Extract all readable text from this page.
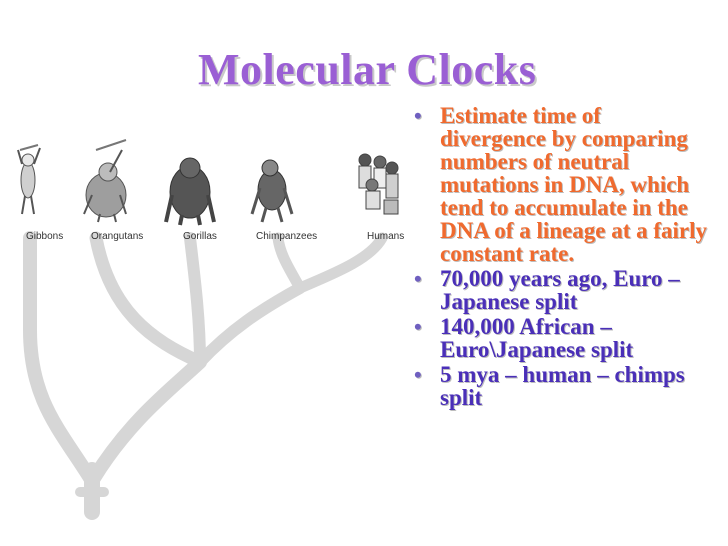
Molecular Clocks
• Estimate time of divergence by comparing numbers of neutral mutations in DNA, which tend to accumulate in the DNA of a lineage at a fairly constant rate.
• 70,000 years ago, Euro – Japanese split
• 140,000 African – Euro\Japanese split
• 5 mya – human – chimps split
Gibbons	Orangutans	Gorillas	Chimpanzees	Humans
